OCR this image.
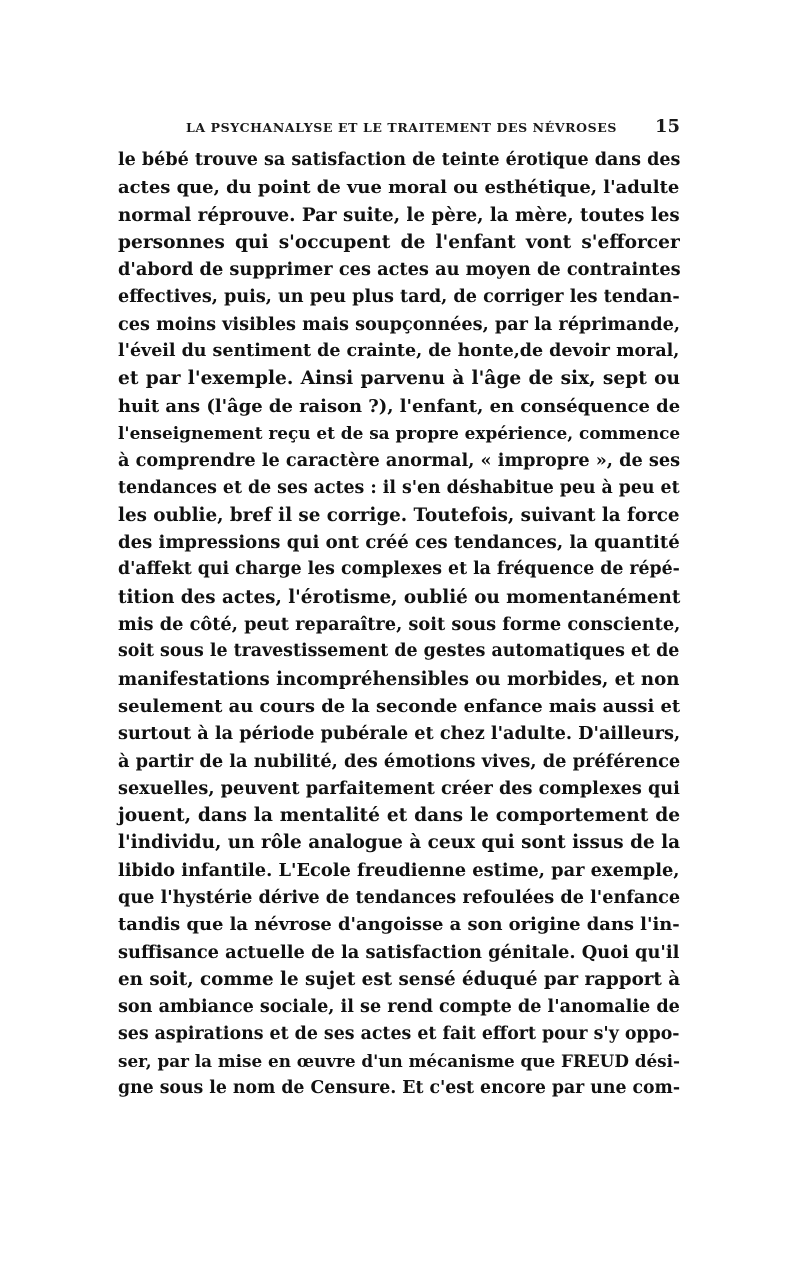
LA PSYCHANALYSE ET LE TRAITEMENT DES NÉVROSES 15
le bébé trouve sa satisfaction de teinte érotique dans des
actes que, du point de vue moral ou esthétique, l'adulte
normal réprouve. Par suite, le père, la mère, toutes les
personnes qui s'occupent de l'enfant vont s'efforcer
d'abord de supprimer ces actes au moyen de contraintes
effectives, puis, un peu plus tard, de corriger les tendan-
ces moins visibles mais soupçonnées, par la réprimande,
l'éveil du sentiment de crainte, de honte,de devoir moral,
et par l'exemple. Ainsi parvenu à l'âge de six, sept ou
huit ans (l'âge de raison ?), l'enfant, en conséquence de
l'enseignement reçu et de sa propre expérience, commence
à comprendre le caractère anormal, « impropre », de ses
tendances et de ses actes : il s'en déshabitue peu à peu et
les oublie, bref il se corrige. Toutefois, suivant la force
des impressions qui ont créé ces tendances, la quantité
d'affekt qui charge les complexes et la fréquence de répé-
tition des actes, l'érotisme, oublié ou momentanément
mis de côté, peut reparaître, soit sous forme consciente,
soit sous le travestissement de gestes automatiques et de
manifestations incompréhensibles ou morbides, et non
seulement au cours de la seconde enfance mais aussi et
surtout à la période pubérale et chez l'adulte. D'ailleurs,
à partir de la nubilité, des émotions vives, de préférence
sexuelles, peuvent parfaitement créer des complexes qui
jouent, dans la mentalité et dans le comportement de
l'individu, un rôle analogue à ceux qui sont issus de la
libido infantile. L'Ecole freudienne estime, par exemple,
que l'hystérie dérive de tendances refoulées de l'enfance
tandis que la névrose d'angoisse a son origine dans l'in-
suffisance actuelle de la satisfaction génitale. Quoi qu'il
en soit, comme le sujet est sensé éduqué par rapport à
son ambiance sociale, il se rend compte de l'anomalie de
ses aspirations et de ses actes et fait effort pour s'y oppo-
ser, par la mise en œuvre d'un mécanisme que FREUD dési-
gne sous le nom de Censure. Et c'est encore par une com-
